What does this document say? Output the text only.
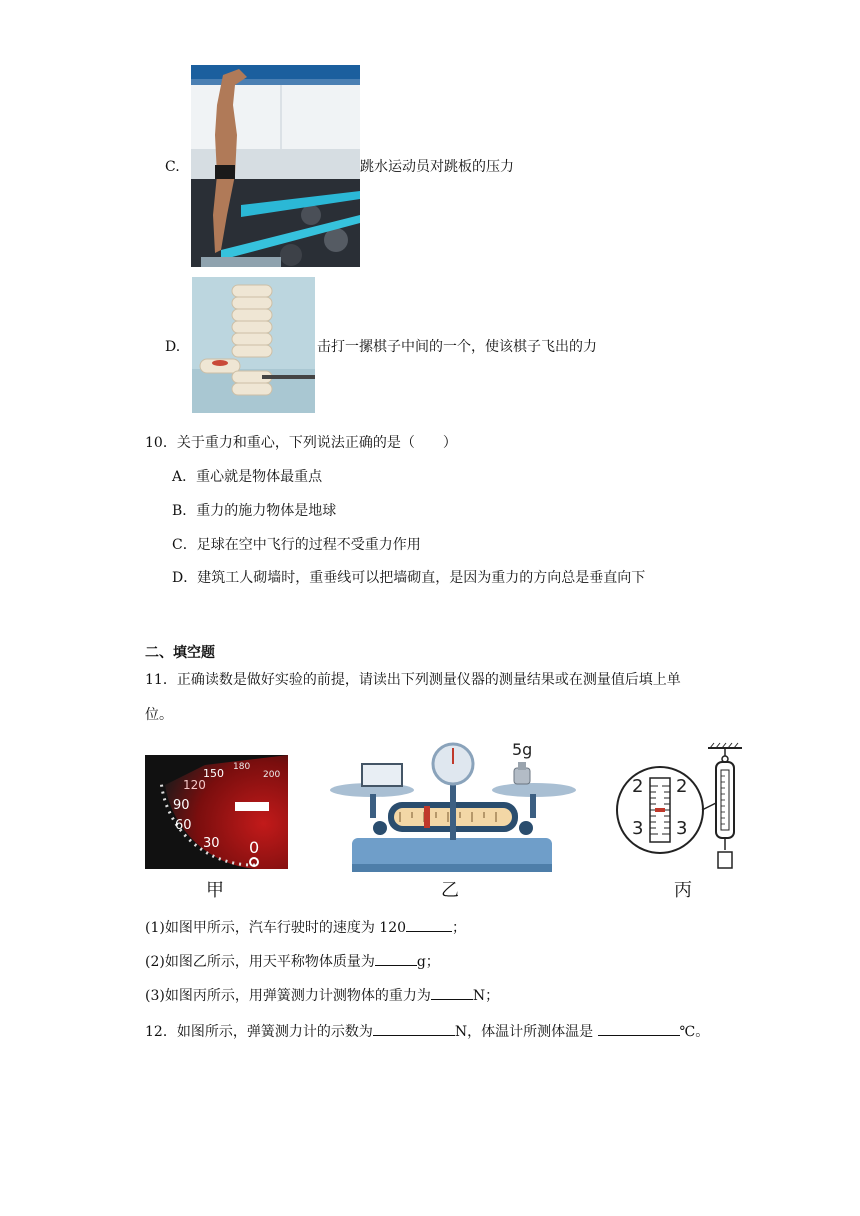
C.	跳水运动员对跳板的压力
D.	击打一摞棋子中间的一个，使该棋子飞出的力
10．关于重力和重心，下列说法正确的是（　　）
A．重心就是物体最重点
B．重力的施力物体是地球
C．足球在空中飞行的过程不受重力作用
D．建筑工人砌墙时，重垂线可以把墙砌直，是因为重力的方向总是垂直向下
二、填空题
11．正确读数是做好实验的前提，请读出下列测量仪器的测量结果或在测量值后填上单
位。
150 180
200
120
90
60
30 0
甲
5g
乙
2 2
3 3
丙
(1)如图甲所示，汽车行驶时的速度为 120	；
(2)如图乙所示，用天平称物体质量为	g；
(3)如图丙所示，用弹簧测力计测物体的重力为	N；
12．如图所示，弹簧测力计的示数为	N，体温计所测体温是	℃。
